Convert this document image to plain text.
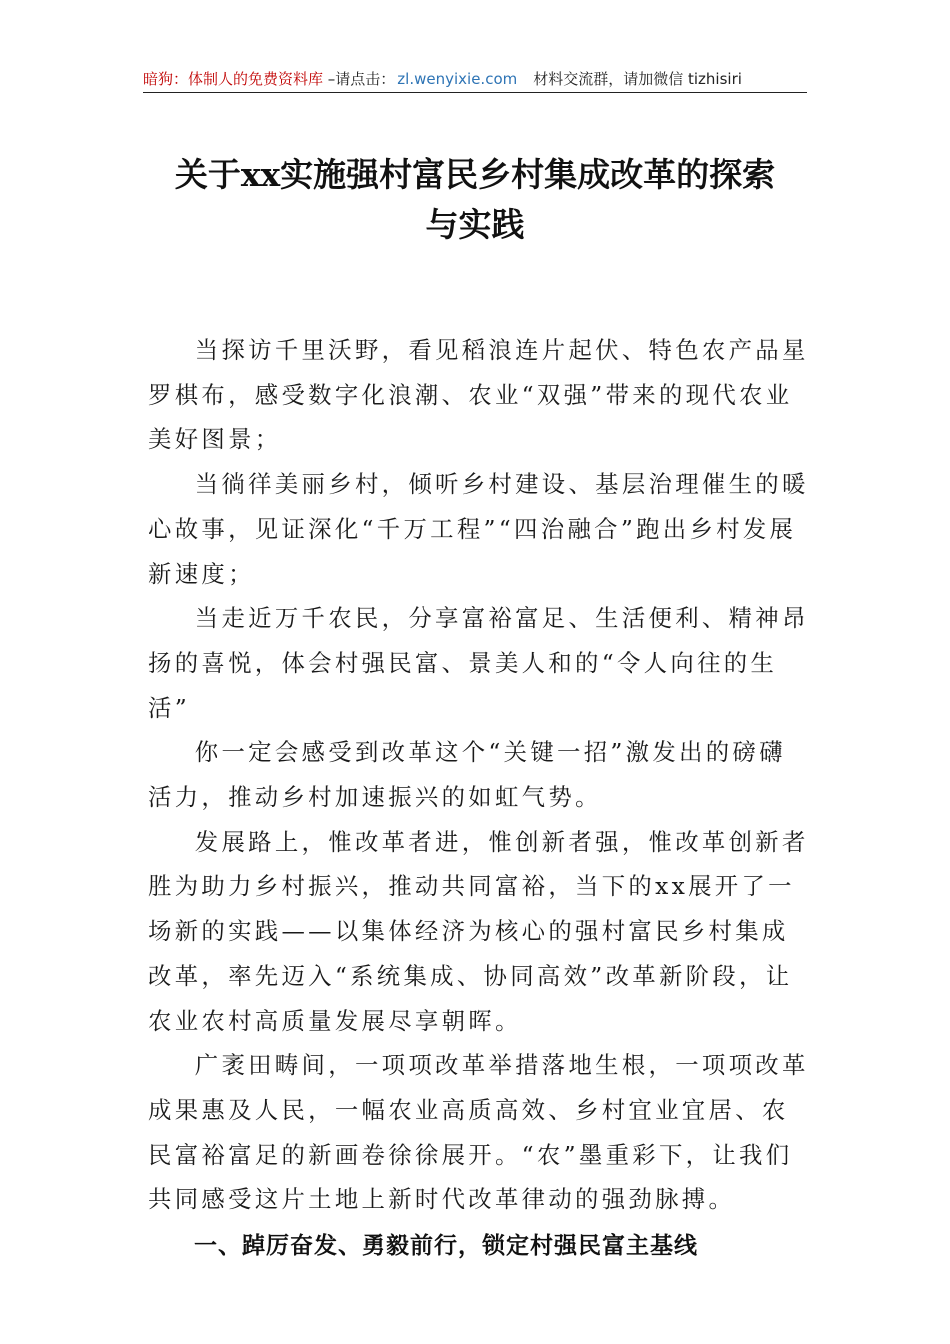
暗狗：体制人的免费资料库 –请点击： zl.wenyixie.com 材料交流群，请加微信 tizhisiri
关于xx实施强村富民乡村集成改革的探索
与实践

当探访千里沃野，看见稻浪连片起伏、特色农产品星罗棋布，感受数字化浪潮、农业“双强”带来的现代农业美好图景；

当徜徉美丽乡村，倾听乡村建设、基层治理催生的暖心故事，见证深化“千万工程”“四治融合”跑出乡村发展新速度；

当走近万千农民，分享富裕富足、生活便利、精神昂扬的喜悦，体会村强民富、景美人和的“令人向往的生活”

你一定会感受到改革这个“关键一招”激发出的磅礴活力，推动乡村加速振兴的如虹气势。

发展路上，惟改革者进，惟创新者强，惟改革创新者胜为助力乡村振兴，推动共同富裕，当下的xx展开了一场新的实践——以集体经济为核心的强村富民乡村集成改革，率先迈入“系统集成、协同高效”改革新阶段，让农业农村高质量发展尽享朝晖。

广袤田畴间，一项项改革举措落地生根，一项项改革成果惠及人民，一幅农业高质高效、乡村宜业宜居、农民富裕富足的新画卷徐徐展开。“农”墨重彩下，让我们共同感受这片土地上新时代改革律动的强劲脉搏。

一、踔厉奋发、勇毅前行，锁定村强民富主基线
